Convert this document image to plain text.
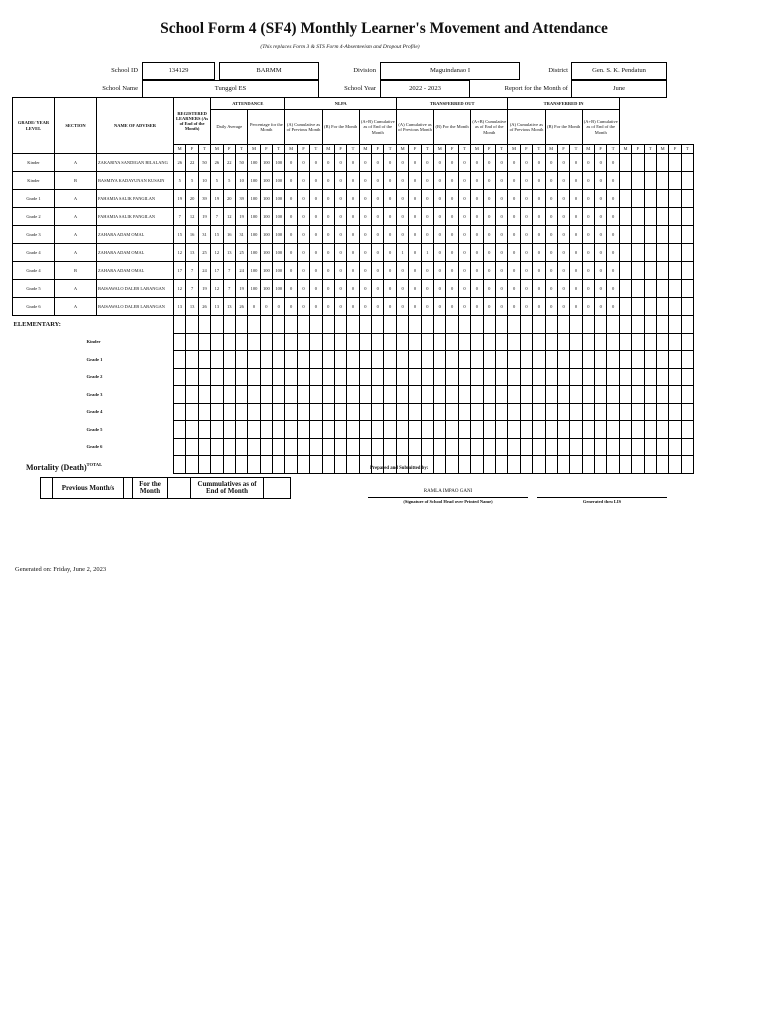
School Form 4 (SF4) Monthly Learner's Movement and Attendance
(This replaces Form 3 & STS Form 4-Absenteeism and Dropout Profile)
School ID	134129	BARMM	Division	Maguindanao I	District	Gen. S. K. Pendatun
School Name	Tunggol ES	School Year	2022 - 2023	Report for the Month of	June
GRADE/ YEAR LEVEL	SECTION	NAME OF ADVISER	REGISTERED LEARNERS (As of End of the Month)			ATTENDANCE						NLPA									TRANSFERRED OUT									TRANSFERRED IN														
						Daily Average			Percentage for the Month			(A) Cumulative as of Previous Month			(B) For the Month			(A+B) Cumulative as of End of the Month			(A) Cumulative as of Previous Month			(B) For the Month			(A+B) Cumulative as of End of the Month			(A) Cumulative as of Previous Month			(B) For the Month			(A+B) Cumulative as of End of the Month								
			M	F	T	M	F	T	M	F	T	M	F	T	M	F	T	M	F	T	M	F	T	M	F	T	M	F	T	M	F	T	M	F	T	M	F	T	M	F	T	M	F	T
Kinder	A	ZAKARIYA SANDIGAN BILALANG	26	22	50	26	22	50	100	100	100	0	0	0	0	0	0	0	0	0	0	0	0	0	0	0	0	0	0	0	0	0	0	0	0	0	0	0						
Kinder	B	BASMIYA KADAYUNAN KUSAIN	5	5	10	5	5	10	100	100	100	0	0	0	0	0	0	0	0	0	0	0	0	0	0	0	0	0	0	0	0	0	0	0	0	0	0	0						
Grade 1	A	FAHAMIA SALIK PANGILAN	19	20	39	19	20	39	100	100	100	0	0	0	0	0	0	0	0	0	0	0	0	0	0	0	0	0	0	0	0	0	0	0	0	0	0	0						
Grade 2	A	FAHAMIA SALIK PANGILAN	7	12	19	7	12	19	100	100	100	0	0	0	0	0	0	0	0	0	0	0	0	0	0	0	0	0	0	0	0	0	0	0	0	0	0	0						
Grade 3	A	ZAHARA ADAM OMAL	15	16	31	15	16	31	100	100	100	0	0	0	0	0	0	0	0	0	0	0	0	0	0	0	0	0	0	0	0	0	0	0	0	0	0	0						
Grade 4	A	ZAHARA ADAM OMAL	12	13	25	12	13	25	100	100	100	0	0	0	0	0	0	0	0	0	1	0	1	0	0	0	0	0	0	0	0	0	0	0	0	0	0	0						
Grade 4	B	ZAHARA ADAM OMAL	17	7	24	17	7	24	100	100	100	0	0	0	0	0	0	0	0	0	0	0	0	0	0	0	0	0	0	0	0	0	0	0	0	0	0	0						
Grade 5	A	BAISAWALO DALEB LABANGAN	12	7	19	12	7	19	100	100	100	0	0	0	0	0	0	0	0	0	0	0	0	0	0	0	0	0	0	0	0	0	0	0	0	0	0	0						
Grade 6	A	BAISAWALO DALEB LABANGAN	13	13	26	13	13	26	0	0	0	0	0	0	0	0	0	0	0	0	0	0	0	0	0	0	0	0	0	0	0	0	0	0	0	0	0	0						
ELEMENTARY:																																												
Kinder																																												
Grade 1																																												
Grade 2																																												
Grade 3																																												
Grade 4																																												
Grade 5																																												
Grade 6																																												
TOTAL																																												
Mortality (Death)
	Previous Month/s		For the Month		Cummulatives as of End of Month	
Prepared and Submitted by:
RAMLA IMPAO GANI
(Signature of School Head over Printed Name)	Generated thru LIS
Generated on: Friday, June 2, 2023
